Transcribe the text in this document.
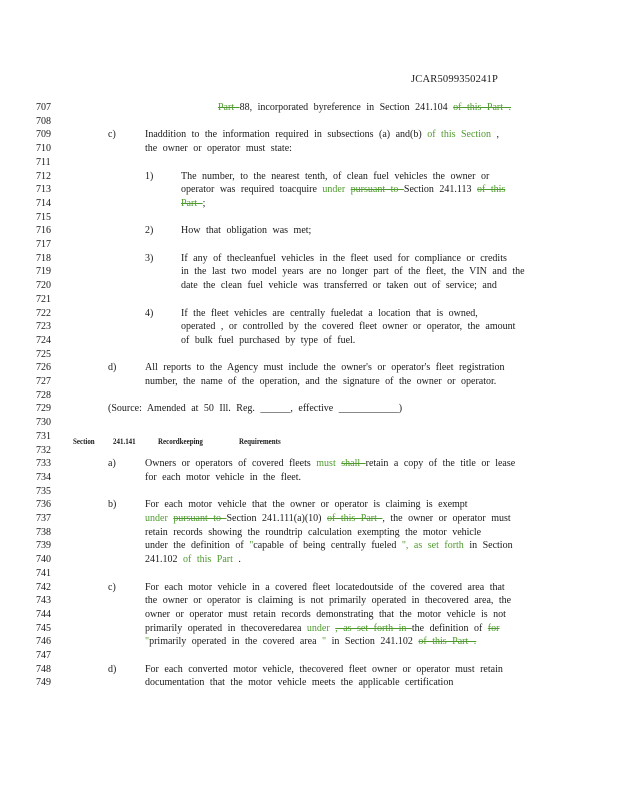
JCAR5099350241P
707	Part 88, incorporated byreference in Section 241.104 of this Part .
708
709	c)	Inaddition to the information required in subsections (a) and(b) of this Section ,
710	the owner or operator must state:
711
712	1)	The number, to the nearest tenth, of clean fuel vehicles the owner or
713	operator was required toacquire under pursuant to Section 241.113 of this
714	Part ;
715
716	2)	How that obligation was met;
717
718	3)	If any of thecleanfuel vehicles in the fleet used for compliance or credits
719	in the last two model years are no longer part of the fleet, the VIN and the
720	date the clean fuel vehicle was transferred or taken out of service; and
721
722	4)	If the fleet vehicles are centrally fueledat a location that is owned,
723	operated , or controlled by the covered fleet owner or operator, the amount
724	of bulk fuel purchased by type of fuel.
725
726	d)	All reports to the Agency must include the owner's or operator's fleet registration
727	number, the name of the operation, and the signature of the owner or operator.
728
729	(Source: Amended at 50 Ill. Reg. ______, effective ____________)
730
731
732
733	a)	Owners or operators of covered fleets must shall retain a copy of the title or lease
734	for each motor vehicle in the fleet.
735
736	b)	For each motor vehicle that the owner or operator is claiming is exempt
737	under pursuant to Section 241.111(a)(10) of this Part , the owner or operator must
738	retain records showing the roundtrip calculation exempting the motor vehicle
739	under the definition of "capable of being centrally fueled ", as set forth in Section
740	241.102 of this Part .
741
742	c)	For each motor vehicle in a covered fleet locatedoutside of the covered area that
743	the owner or operator is claiming is not primarily operated in thecovered area, the
744	owner or operator must retain records demonstrating that the motor vehicle is not
745	primarily operated in thecoveredarea under , as set forth in the definition of for
746	"primarily operated in the covered area " in Section 241.102 of this Part .
747
748	d)	For each converted motor vehicle, thecovered fleet owner or operator must retain
749	documentation that the motor vehicle meets the applicable certification
Section 241.141	Recordkeeping	Requirements
